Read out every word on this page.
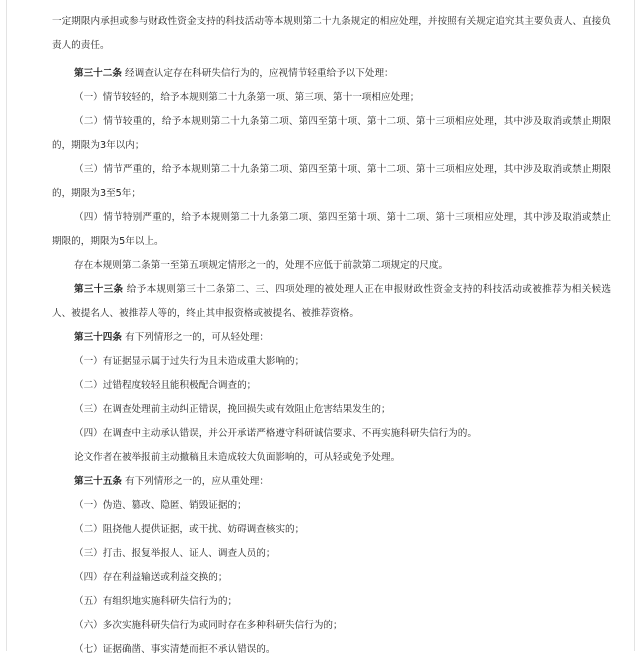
一定期限内承担或参与财政性资金支持的科技活动等本规则第二十九条规定的相应处理，并按照有关规定追究其主要负责人、直接负责人的责任。

第三十二条 经调查认定存在科研失信行为的，应视情节轻重给予以下处理：

（一）情节较轻的，给予本规则第二十九条第一项、第三项、第十一项相应处理；

（二）情节较重的，给予本规则第二十九条第二项、第四至第十项、第十二项、第十三项相应处理，其中涉及取消或禁止期限的，期限为3年以内；

（三）情节严重的，给予本规则第二十九条第二项、第四至第十项、第十二项、第十三项相应处理，其中涉及取消或禁止期限的，期限为3至5年；

（四）情节特别严重的，给予本规则第二十九条第二项、第四至第十项、第十二项、第十三项相应处理，其中涉及取消或禁止期限的，期限为5年以上。

存在本规则第二条第一至第五项规定情形之一的，处理不应低于前款第二项规定的尺度。

第三十三条 给予本规则第三十二条第二、三、四项处理的被处理人正在申报财政性资金支持的科技活动或被推荐为相关候选人、被提名人、被推荐人等的，终止其申报资格或被提名、被推荐资格。

第三十四条 有下列情形之一的，可从轻处理：

（一）有证据显示属于过失行为且未造成重大影响的；

（二）过错程度较轻且能积极配合调查的；

（三）在调查处理前主动纠正错误，挽回损失或有效阻止危害结果发生的；

（四）在调查中主动承认错误，并公开承诺严格遵守科研诚信要求、不再实施科研失信行为的。

论文作者在被举报前主动撤稿且未造成较大负面影响的，可从轻或免予处理。

第三十五条 有下列情形之一的，应从重处理：

（一）伪造、篡改、隐匿、销毁证据的；

（二）阻挠他人提供证据，或干扰、妨碍调查核实的；

（三）打击、报复举报人、证人、调查人员的；

（四）存在利益输送或利益交换的；

（五）有组织地实施科研失信行为的；

（六）多次实施科研失信行为或同时存在多种科研失信行为的；

（七）证据确凿、事实清楚而拒不承认错误的。
